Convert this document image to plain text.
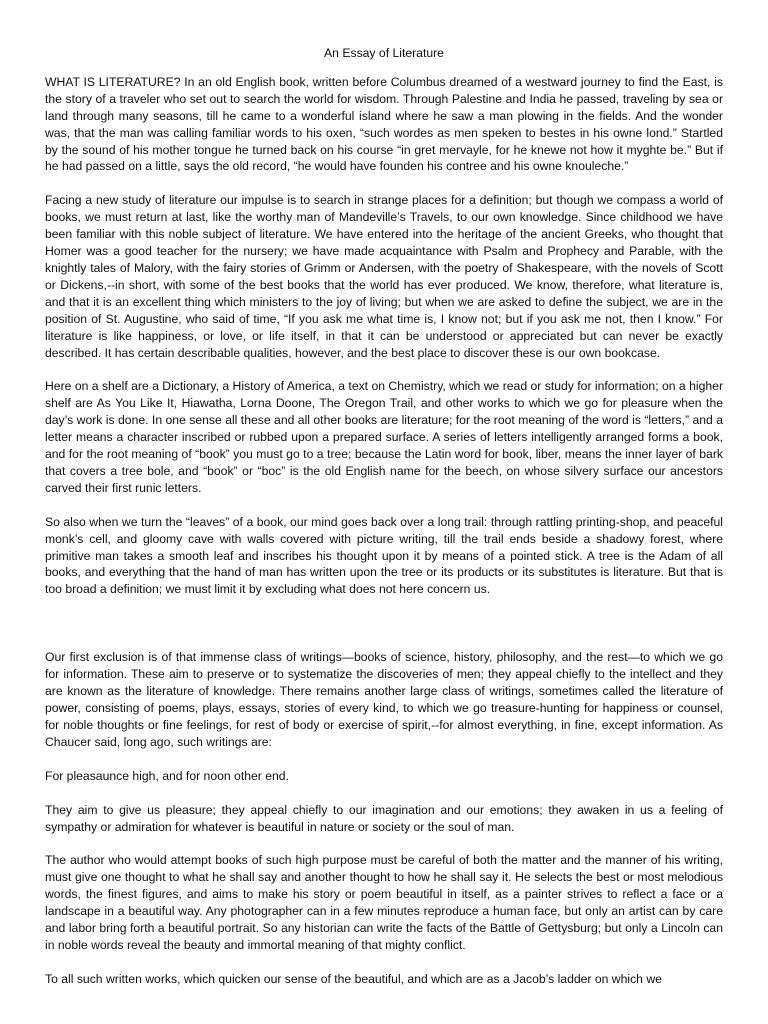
An Essay of Literature

WHAT IS LITERATURE? In an old English book, written before Columbus dreamed of a westward journey to find the East, is the story of a traveler who set out to search the world for wisdom. Through Palestine and India he passed, traveling by sea or land through many seasons, till he came to a wonderful island where he saw a man plowing in the fields. And the wonder was, that the man was calling familiar words to his oxen, “such wordes as men speken to bestes in his owne lond.” Startled by the sound of his mother tongue he turned back on his course “in gret mervayle, for he knewe not how it myghte be.” But if he had passed on a little, says the old record, “he would have founden his contree and his owne knouleche.”

Facing a new study of literature our impulse is to search in strange places for a definition; but though we compass a world of books, we must return at last, like the worthy man of Mandeville’s Travels, to our own knowledge. Since childhood we have been familiar with this noble subject of literature. We have entered into the heritage of the ancient Greeks, who thought that Homer was a good teacher for the nursery; we have made acquaintance with Psalm and Prophecy and Parable, with the knightly tales of Malory, with the fairy stories of Grimm or Andersen, with the poetry of Shakespeare, with the novels of Scott or Dickens,--in short, with some of the best books that the world has ever produced. We know, therefore, what literature is, and that it is an excellent thing which ministers to the joy of living; but when we are asked to define the subject, we are in the position of St. Augustine, who said of time, “If you ask me what time is, I know not; but if you ask me not, then I know.” For literature is like happiness, or love, or life itself, in that it can be understood or appreciated but can never be exactly described. It has certain describable qualities, however, and the best place to discover these is our own bookcase.

Here on a shelf are a Dictionary, a History of America, a text on Chemistry, which we read or study for information; on a higher shelf are As You Like It, Hiawatha, Lorna Doone, The Oregon Trail, and other works to which we go for pleasure when the day’s work is done. In one sense all these and all other books are literature; for the root meaning of the word is “letters,” and a letter means a character inscribed or rubbed upon a prepared surface. A series of letters intelligently arranged forms a book, and for the root meaning of “book” you must go to a tree; because the Latin word for book, liber, means the inner layer of bark that covers a tree bole, and “book” or “boc” is the old English name for the beech, on whose silvery surface our ancestors carved their first runic letters.

So also when we turn the “leaves” of a book, our mind goes back over a long trail: through rattling printing-shop, and peaceful monk’s cell, and gloomy cave with walls covered with picture writing, till the trail ends beside a shadowy forest, where primitive man takes a smooth leaf and inscribes his thought upon it by means of a pointed stick. A tree is the Adam of all books, and everything that the hand of man has written upon the tree or its products or its substitutes is literature. But that is too broad a definition; we must limit it by excluding what does not here concern us.

Our first exclusion is of that immense class of writings—books of science, history, philosophy, and the rest—to which we go for information. These aim to preserve or to systematize the discoveries of men; they appeal chiefly to the intellect and they are known as the literature of knowledge. There remains another large class of writings, sometimes called the literature of power, consisting of poems, plays, essays, stories of every kind, to which we go treasure-hunting for happiness or counsel, for noble thoughts or fine feelings, for rest of body or exercise of spirit,--for almost everything, in fine, except information. As Chaucer said, long ago, such writings are:

For pleasaunce high, and for noon other end.

They aim to give us pleasure; they appeal chiefly to our imagination and our emotions; they awaken in us a feeling of sympathy or admiration for whatever is beautiful in nature or society or the soul of man.

The author who would attempt books of such high purpose must be careful of both the matter and the manner of his writing, must give one thought to what he shall say and another thought to how he shall say it. He selects the best or most melodious words, the finest figures, and aims to make his story or poem beautiful in itself, as a painter strives to reflect a face or a landscape in a beautiful way. Any photographer can in a few minutes reproduce a human face, but only an artist can by care and labor bring forth a beautiful portrait. So any historian can write the facts of the Battle of Gettysburg; but only a Lincoln can in noble words reveal the beauty and immortal meaning of that mighty conflict.

To all such written works, which quicken our sense of the beautiful, and which are as a Jacob’s ladder on which we
